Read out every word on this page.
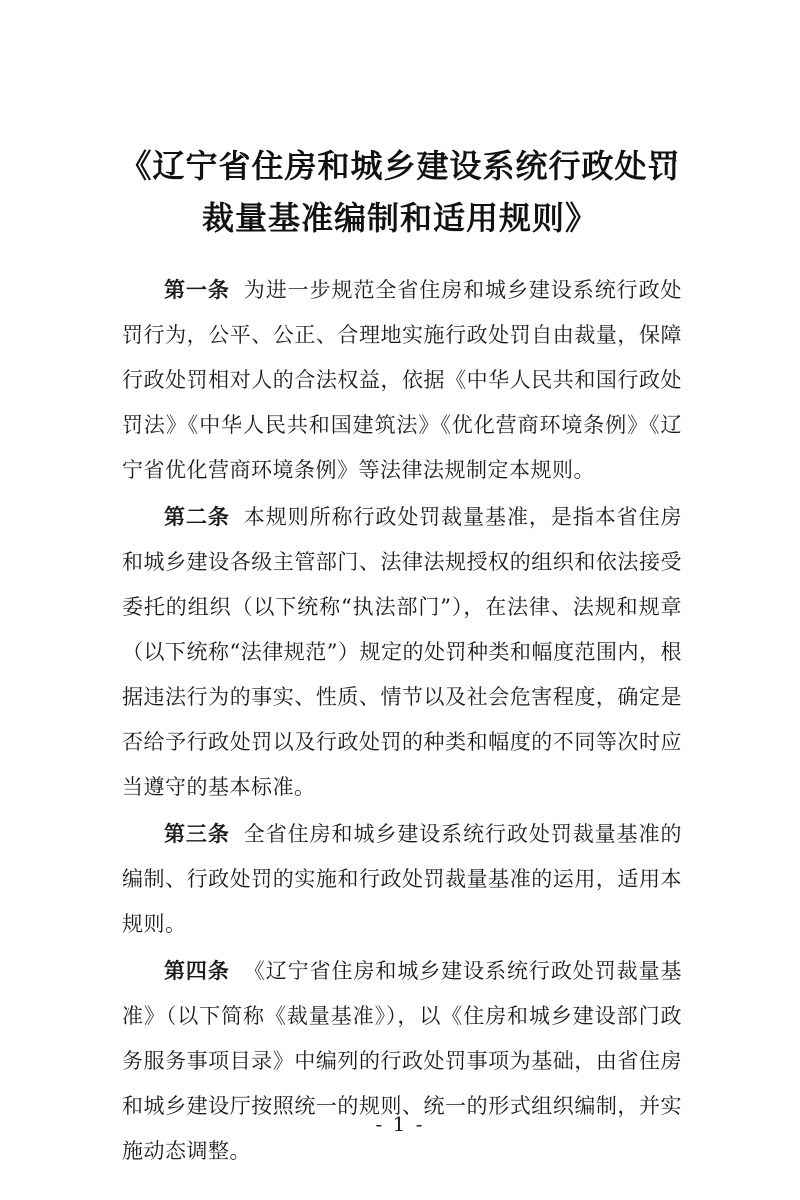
《辽宁省住房和城乡建设系统行政处罚
裁量基准编制和适用规则》

第一条 为进一步规范全省住房和城乡建设系统行政处罚行为，公平、公正、合理地实施行政处罚自由裁量，保障行政处罚相对人的合法权益，依据《中华人民共和国行政处罚法》《中华人民共和国建筑法》《优化营商环境条例》《辽宁省优化营商环境条例》等法律法规制定本规则。

第二条 本规则所称行政处罚裁量基准，是指本省住房和城乡建设各级主管部门、法律法规授权的组织和依法接受委托的组织（以下统称“执法部门”），在法律、法规和规章（以下统称“法律规范”）规定的处罚种类和幅度范围内，根据违法行为的事实、性质、情节以及社会危害程度，确定是否给予行政处罚以及行政处罚的种类和幅度的不同等次时应当遵守的基本标准。

第三条 全省住房和城乡建设系统行政处罚裁量基准的编制、行政处罚的实施和行政处罚裁量基准的运用，适用本规则。

第四条 《辽宁省住房和城乡建设系统行政处罚裁量基准》（以下简称《裁量基准》），以《住房和城乡建设部门政务服务事项目录》中编列的行政处罚事项为基础，由省住房和城乡建设厅按照统一的规则、统一的形式组织编制，并实施动态调整。

- 1 -
